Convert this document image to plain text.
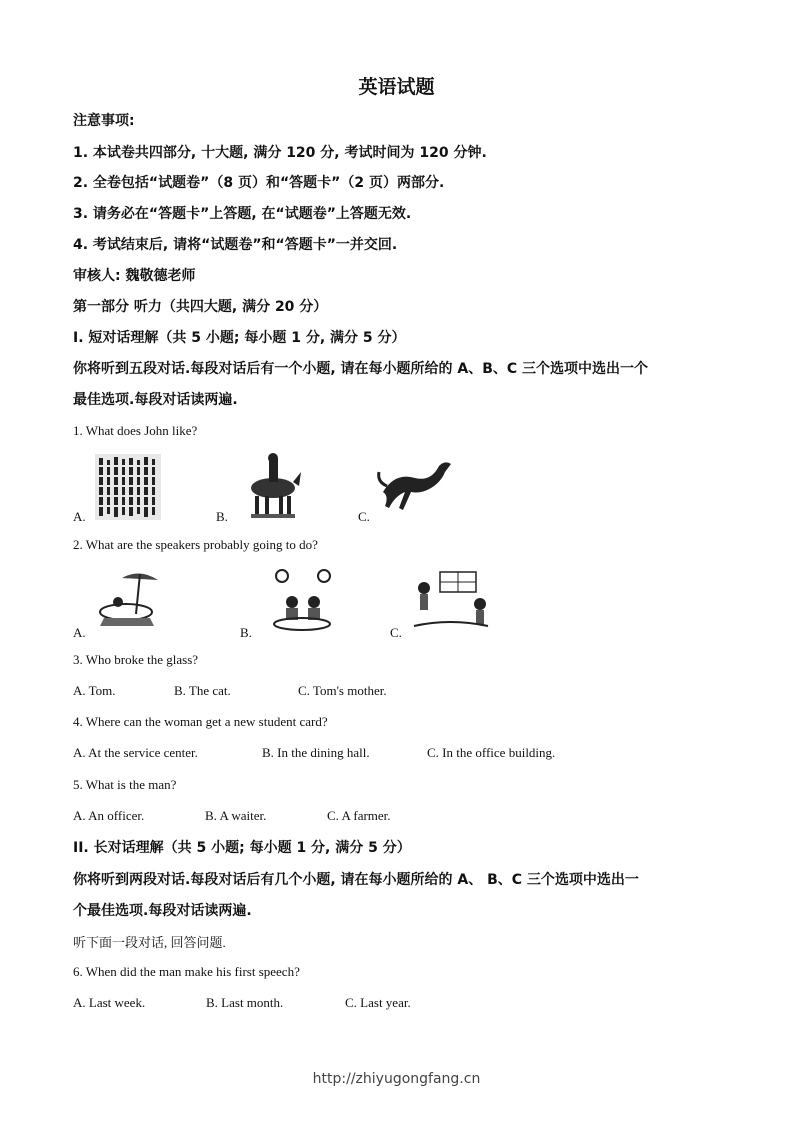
英语试题
注意事项:
1. 本试卷共四部分, 十大题, 满分 120 分, 考试时间为 120 分钟.
2. 全卷包括“试题卷”（8 页）和“答题卡”（2 页）两部分.
3. 请务必在“答题卡”上答题, 在“试题卷”上答题无效.
4. 考试结束后, 请将“试题卷”和“答题卡”一并交回.
审核人: 魏敬德老师
第一部分 听力（共四大题, 满分 20 分）
I. 短对话理解（共 5 小题; 每小题 1 分, 满分 5 分）
你将听到五段对话.每段对话后有一个小题, 请在每小题所给的 A、B、C 三个选项中选出一个
最佳选项.每段对话读两遍.
1. What does John like?
A.	B.	C.
2. What are the speakers probably going to do?
A.	B.	C.
3. Who broke the glass?
A. Tom.	B. The cat.	C. Tom's mother.
4. Where can the woman get a new student card?
A. At the service center.	B. In the dining hall.	C. In the office building.
5. What is the man?
A. An officer.	B. A waiter.	C. A farmer.
II. 长对话理解（共 5 小题; 每小题 1 分, 满分 5 分）
你将听到两段对话.每段对话后有几个小题, 请在每小题所给的 A、 B、C 三个选项中选出一
个最佳选项.每段对话读两遍.
听下面一段对话, 回答问题.
6. When did the man make his first speech?
A. Last week.	B. Last month.	C. Last year.
http://zhiyugongfang.cn
